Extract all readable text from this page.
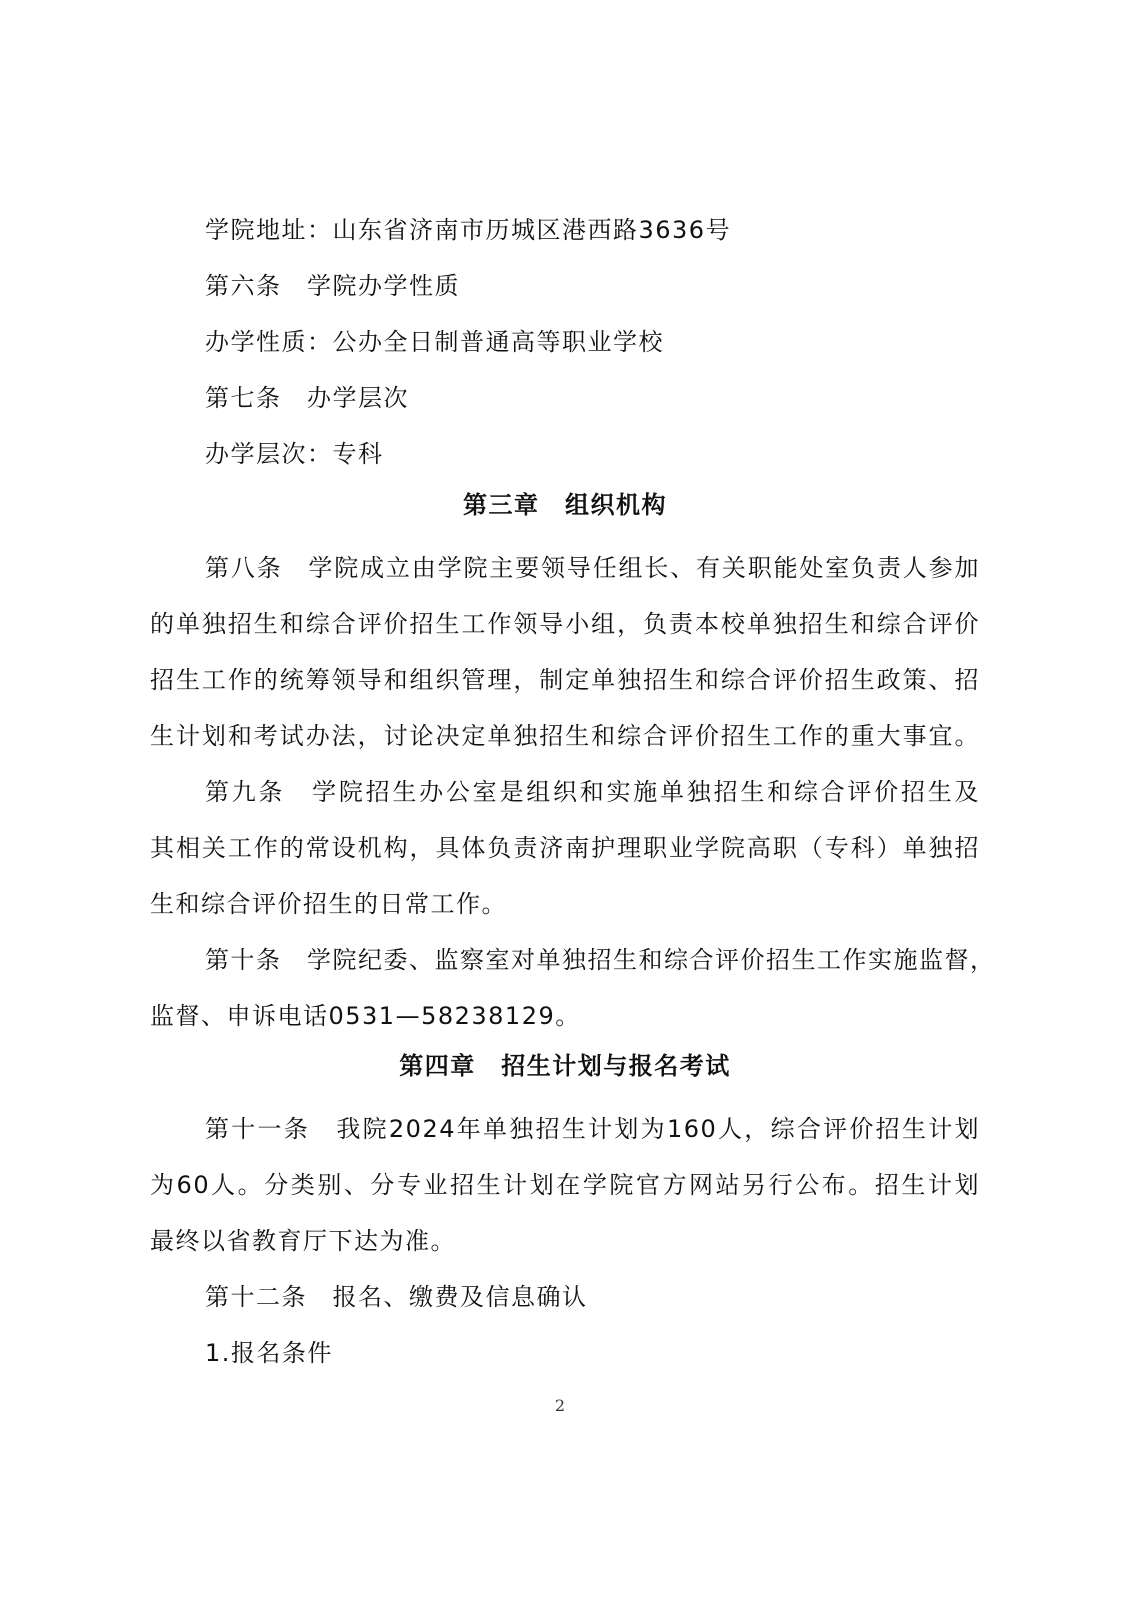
学院地址：山东省济南市历城区港西路3636号
第六条　学院办学性质
办学性质：公办全日制普通高等职业学校
第七条　办学层次
办学层次：专科
第三章　组织机构
第八条　学院成立由学院主要领导任组长、有关职能处室负责人参加
的单独招生和综合评价招生工作领导小组，负责本校单独招生和综合评价
招生工作的统筹领导和组织管理，制定单独招生和综合评价招生政策、招
生计划和考试办法，讨论决定单独招生和综合评价招生工作的重大事宜。
第九条　学院招生办公室是组织和实施单独招生和综合评价招生及
其相关工作的常设机构，具体负责济南护理职业学院高职（专科）单独招
生和综合评价招生的日常工作。
第十条　学院纪委、监察室对单独招生和综合评价招生工作实施监督，
监督、申诉电话0531—58238129。
第四章　招生计划与报名考试
第十一条　我院2024年单独招生计划为160人，综合评价招生计划
为60人。分类别、分专业招生计划在学院官方网站另行公布。招生计划
最终以省教育厅下达为准。
第十二条　报名、缴费及信息确认
1.报名条件
2
